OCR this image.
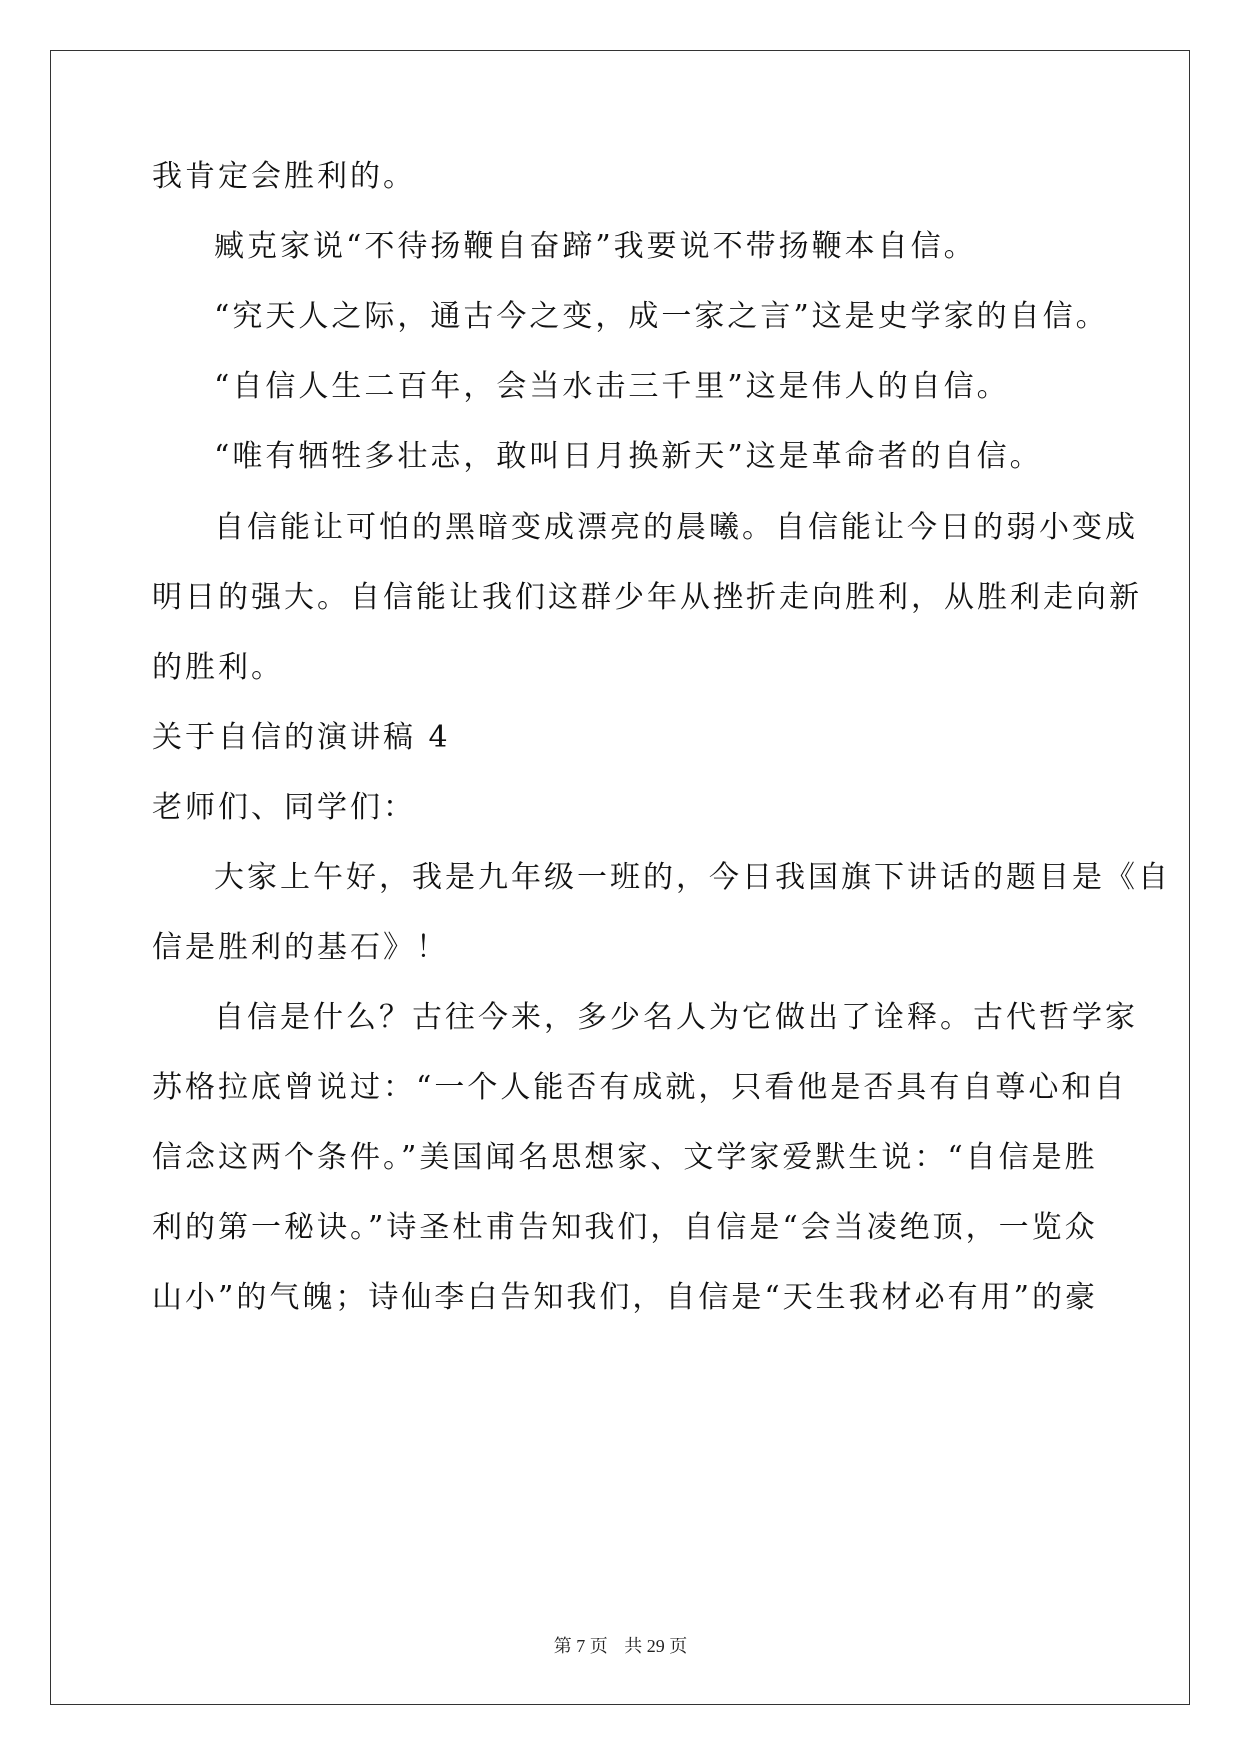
我肯定会胜利的。
臧克家说“不待扬鞭自奋蹄”我要说不带扬鞭本自信。
“究天人之际，通古今之变，成一家之言”这是史学家的自信。
“自信人生二百年，会当水击三千里”这是伟人的自信。
“唯有牺牲多壮志，敢叫日月换新天”这是革命者的自信。
自信能让可怕的黑暗变成漂亮的晨曦。自信能让今日的弱小变成
明日的强大。自信能让我们这群少年从挫折走向胜利，从胜利走向新
的胜利。
关于自信的演讲稿 4
老师们、同学们：
大家上午好，我是九年级一班的，今日我国旗下讲话的题目是《自
信是胜利的基石》！
自信是什么？古往今来，多少名人为它做出了诠释。古代哲学家
苏格拉底曾说过：“一个人能否有成就，只看他是否具有自尊心和自
信念这两个条件。”美国闻名思想家、文学家爱默生说：“自信是胜
利的第一秘诀。”诗圣杜甫告知我们，自信是“会当凌绝顶，一览众
山小”的气魄；诗仙李白告知我们，自信是“天生我材必有用”的豪
第 7 页 共 29 页
